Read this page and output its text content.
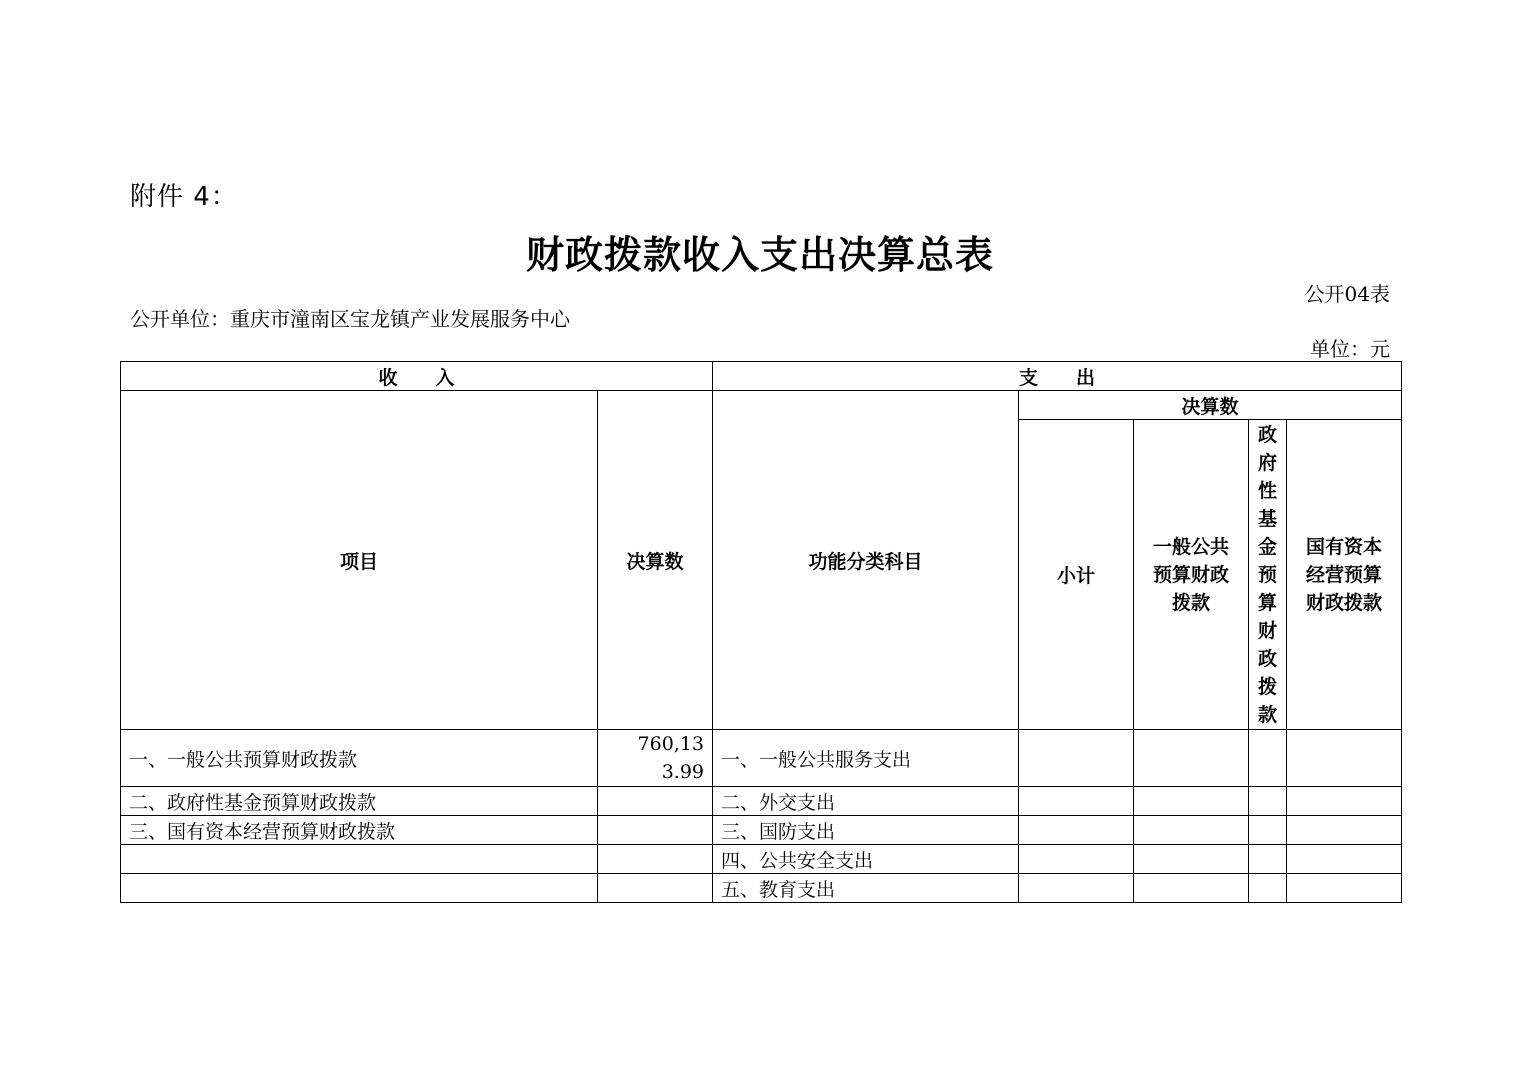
附件 4：
财政拨款收入支出决算总表
公开04表
公开单位：重庆市潼南区宝龙镇产业发展服务中心
单位：元
收　　入		支　　出				
项目	决算数	功能分类科目	决算数			

			小计	一般公共预算财政拨款	政府性基金预算财政拨款	国有资本经营预算财政拨款

一、一般公共预算财政拨款	760,133.99	一、一般公共服务支出				
二、政府性基金预算财政拨款		二、外交支出				
三、国有资本经营预算财政拨款		三、国防支出				
		四、公共安全支出				
		五、教育支出				
